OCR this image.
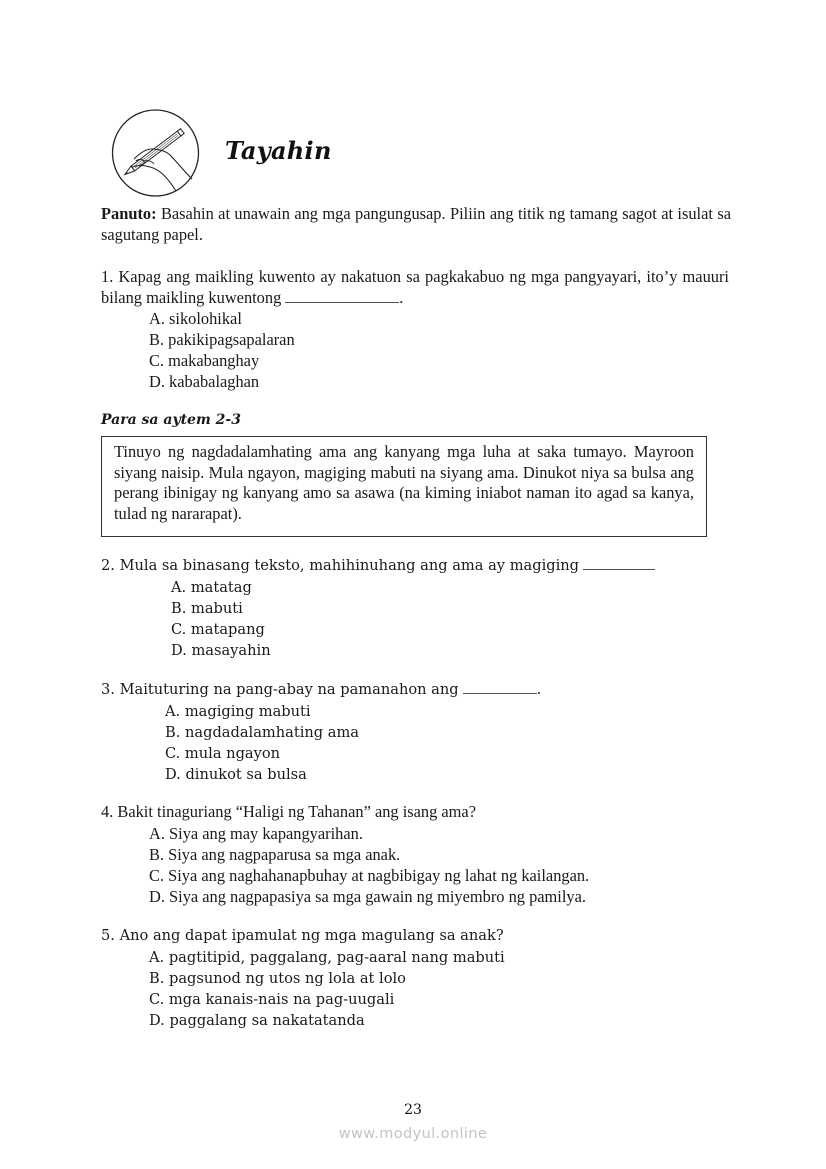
Tayahin
Panuto: Basahin at unawain ang mga pangungusap. Piliin ang titik ng tamang sagot at isulat sa sagutang papel.
1. Kapag ang maikling kuwento ay nakatuon sa pagkakabuo ng mga pangyayari, ito’y mauuri bilang maikling kuwentong	.
A. sikolohikal
B. pakikipagsapalaran
C. makabanghay
D. kababalaghan
Para sa aytem 2-3
Tinuyo ng nagdadalamhating ama ang kanyang mga luha at saka tumayo. Mayroon siyang naisip. Mula ngayon, magiging mabuti na siyang ama. Dinukot niya sa bulsa ang perang ibinigay ng kanyang amo sa asawa (na kiming iniabot naman ito agad sa kanya, tulad ng nararapat).
2. Mula sa binasang teksto, mahihinuhang ang ama ay magiging
A. matatag
B. mabuti
C. matapang
D. masayahin
3. Maituturing na pang-abay na pamanahon ang	.
A. magiging mabuti
B. nagdadalamhating ama
C. mula ngayon
D. dinukot sa bulsa
4. Bakit tinaguriang “Haligi ng Tahanan” ang isang ama?
A. Siya ang may kapangyarihan.
B. Siya ang nagpaparusa sa mga anak.
C. Siya ang naghahanapbuhay at nagbibigay ng lahat ng kailangan.
D. Siya ang nagpapasiya sa mga gawain ng miyembro ng pamilya.
5. Ano ang dapat ipamulat ng mga magulang sa anak?
A. pagtitipid, paggalang, pag-aaral nang mabuti
B. pagsunod ng utos ng lola at lolo
C. mga kanais-nais na pag-uugali
D. paggalang sa nakatatanda
23
www.modyul.online
